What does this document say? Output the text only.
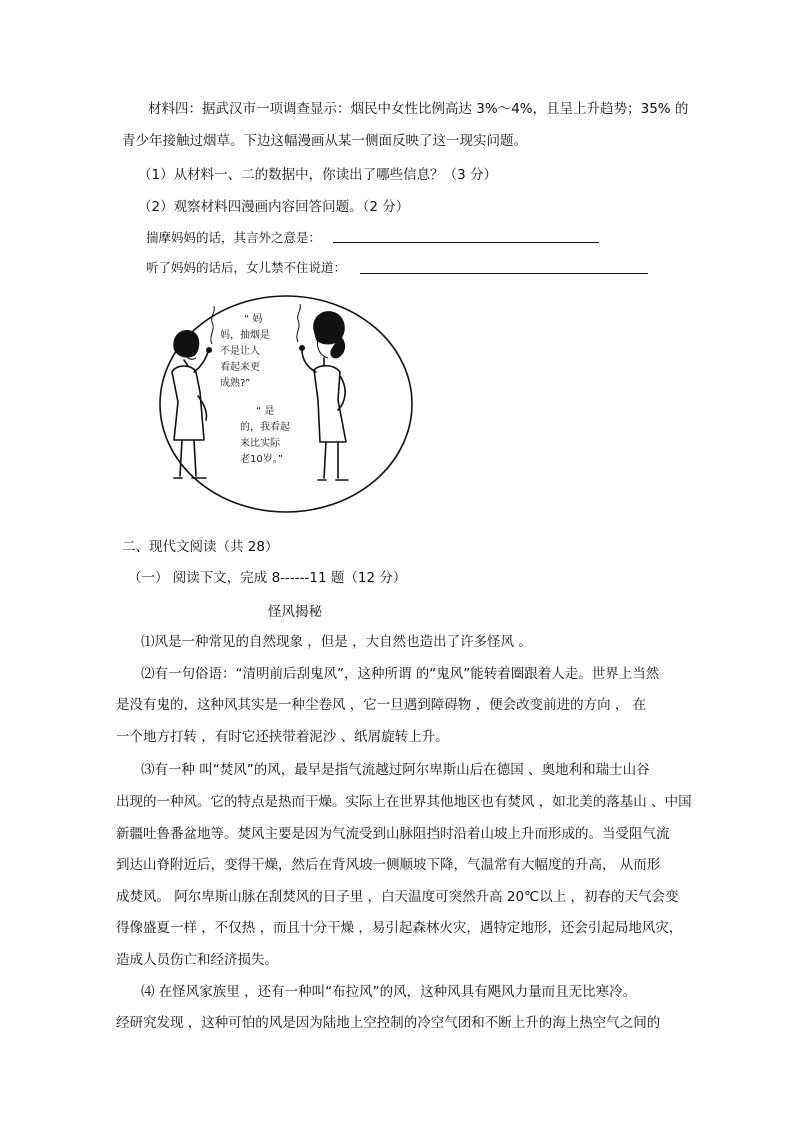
材料四：据武汉市一项调查显示：烟民中女性比例高达 3%～4%，且呈上升趋势；35% 的
青少年接触过烟草。下边这幅漫画从某一侧面反映了这一现实问题。
（1）从材料一、二的数据中，你读出了哪些信息？（3 分）
（2）观察材料四漫画内容回答问题。（2 分）
揣摩妈妈的话，其言外之意是：
听了妈妈的话后，女儿禁不住说道：
“ 妈
妈，抽烟是
不是让人
看起来更
成熟?”
“ 是
的，我看起
来比实际
老10岁。”
二、现代文阅读（共 28）
（一） 阅读下文，完成 8------11 题（12 分）
怪风揭秘
⑴风是一种常见的自然现象 ，但是 ，大自然也造出了许多怪风 。
⑵有一句俗语：“清明前后刮鬼风”，这种所谓 的“鬼风”能转着圈跟着人走。世界上当然
是没有鬼的，这种风其实是一种尘卷风 ，它一旦遇到障碍物 ，便会改变前进的方向 ， 在
一个地方打转 ，有时它还挟带着泥沙 、纸屑旋转上升。
⑶有一种 叫“焚风”的风，最早是指气流越过阿尔卑斯山后在德国 、奥地利和瑞士山谷
出现的一种风。它的特点是热而干燥。实际上在世界其他地区也有焚风 ，如北美的落基山 、中国
新疆吐鲁番盆地等。焚风主要是因为气流受到山脉阻挡时沿着山坡上升而形成的。当受阻气流
到达山脊附近后，变得干燥，然后在背风坡一侧顺坡下降，气温常有大幅度的升高， 从而形
成焚风。 阿尔卑斯山脉在刮焚风的日子里 ，白天温度可突然升高 20℃以上 ，初春的天气会变
得像盛夏一样 ，不仅热 ，而且十分干燥 ，易引起森林火灾，遇特定地形，还会引起局地风灾，
造成人员伤亡和经济损失。
⑷ 在怪风家族里 ，还有一种叫“布拉风”的风，这种风具有飓风力量而且无比寒冷。
经研究发现 ，这种可怕的风是因为陆地上空控制的冷空气团和不断上升的海上热空气之间的
